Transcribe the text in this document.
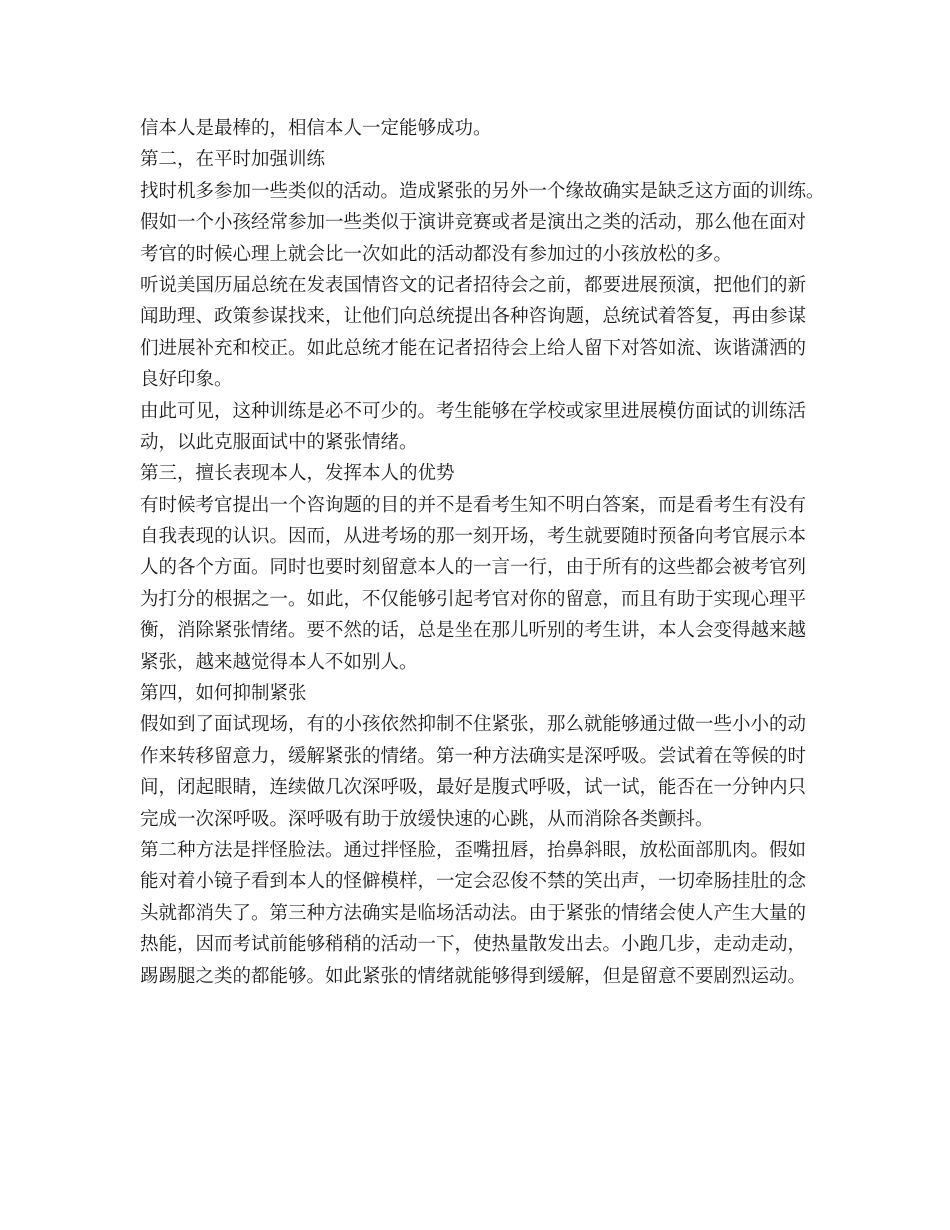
信本人是最棒的，相信本人一定能够成功。
第二，在平时加强训练
找时机多参加一些类似的活动。造成紧张的另外一个缘故确实是缺乏这方面的训练。
假如一个小孩经常参加一些类似于演讲竞赛或者是演出之类的活动，那么他在面对
考官的时候心理上就会比一次如此的活动都没有参加过的小孩放松的多。
听说美国历届总统在发表国情咨文的记者招待会之前，都要进展预演，把他们的新
闻助理、政策参谋找来，让他们向总统提出各种咨询题，总统试着答复，再由参谋
们进展补充和校正。如此总统才能在记者招待会上给人留下对答如流、诙谐潇洒的
良好印象。
由此可见，这种训练是必不可少的。考生能够在学校或家里进展模仿面试的训练活
动，以此克服面试中的紧张情绪。
第三，擅长表现本人，发挥本人的优势
有时候考官提出一个咨询题的目的并不是看考生知不明白答案，而是看考生有没有
自我表现的认识。因而，从进考场的那一刻开场，考生就要随时预备向考官展示本
人的各个方面。同时也要时刻留意本人的一言一行，由于所有的这些都会被考官列
为打分的根据之一。如此，不仅能够引起考官对你的留意，而且有助于实现心理平
衡，消除紧张情绪。要不然的话，总是坐在那儿听别的考生讲，本人会变得越来越
紧张，越来越觉得本人不如别人。
第四，如何抑制紧张
假如到了面试现场，有的小孩依然抑制不住紧张，那么就能够通过做一些小小的动
作来转移留意力，缓解紧张的情绪。第一种方法确实是深呼吸。尝试着在等候的时
间，闭起眼睛，连续做几次深呼吸，最好是腹式呼吸，试一试，能否在一分钟内只
完成一次深呼吸。深呼吸有助于放缓快速的心跳，从而消除各类颤抖。
第二种方法是拌怪脸法。通过拌怪脸，歪嘴扭唇，抬鼻斜眼，放松面部肌肉。假如
能对着小镜子看到本人的怪僻模样，一定会忍俊不禁的笑出声，一切牵肠挂肚的念
头就都消失了。第三种方法确实是临场活动法。由于紧张的情绪会使人产生大量的
热能，因而考试前能够稍稍的活动一下，使热量散发出去。小跑几步，走动走动，
踢踢腿之类的都能够。如此紧张的情绪就能够得到缓解，但是留意不要剧烈运动。
